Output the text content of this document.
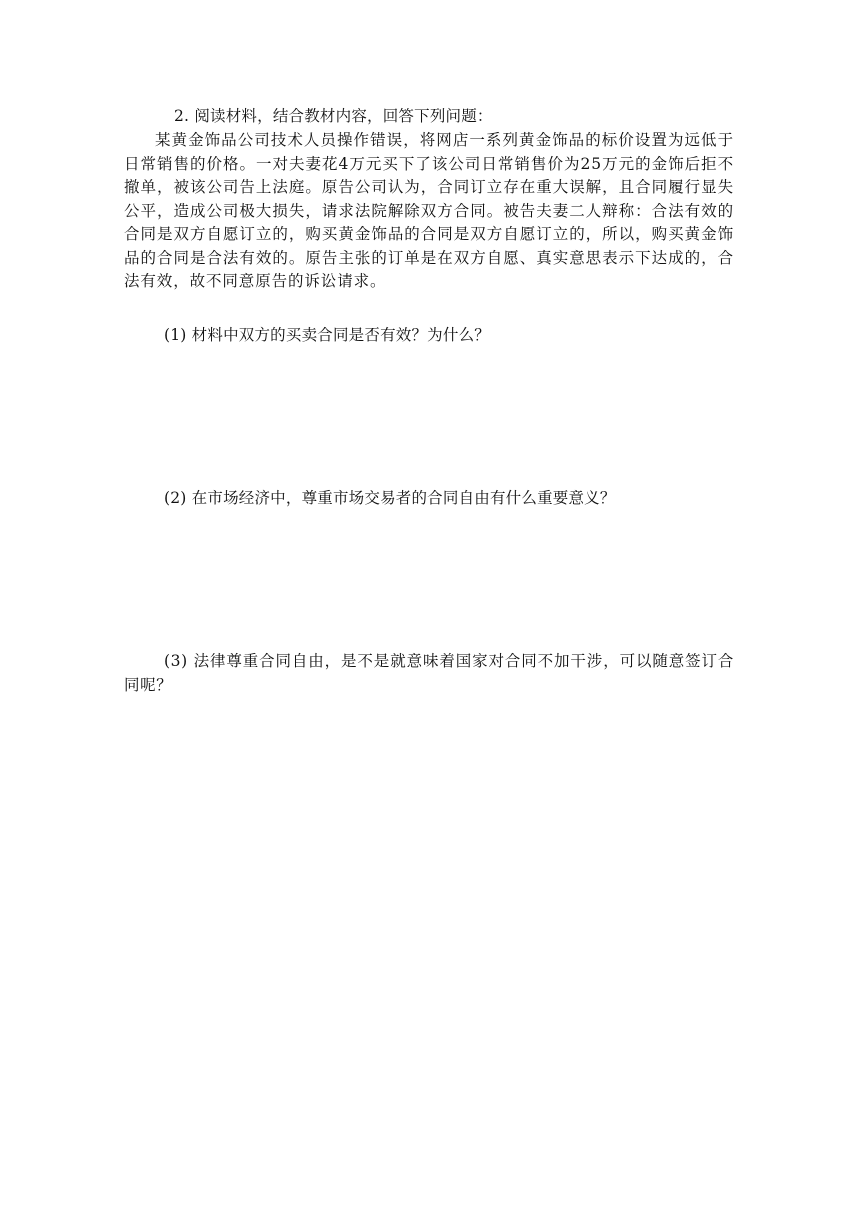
2. 阅读材料，结合教材内容，回答下列问题：
某黄金饰品公司技术人员操作错误，将网店一系列黄金饰品的标价设置为远低于日常销售的价格。一对夫妻花4万元买下了该公司日常销售价为25万元的金饰后拒不撤单，被该公司告上法庭。原告公司认为，合同订立存在重大误解，且合同履行显失公平，造成公司极大损失，请求法院解除双方合同。被告夫妻二人辩称：合法有效的合同是双方自愿订立的，购买黄金饰品的合同是双方自愿订立的，所以，购买黄金饰品的合同是合法有效的。原告主张的订单是在双方自愿、真实意思表示下达成的，合法有效，故不同意原告的诉讼请求。
(1) 材料中双方的买卖合同是否有效？为什么？
(2) 在市场经济中，尊重市场交易者的合同自由有什么重要意义？
(3) 法律尊重合同自由，是不是就意味着国家对合同不加干涉，可以随意签订合同呢？
